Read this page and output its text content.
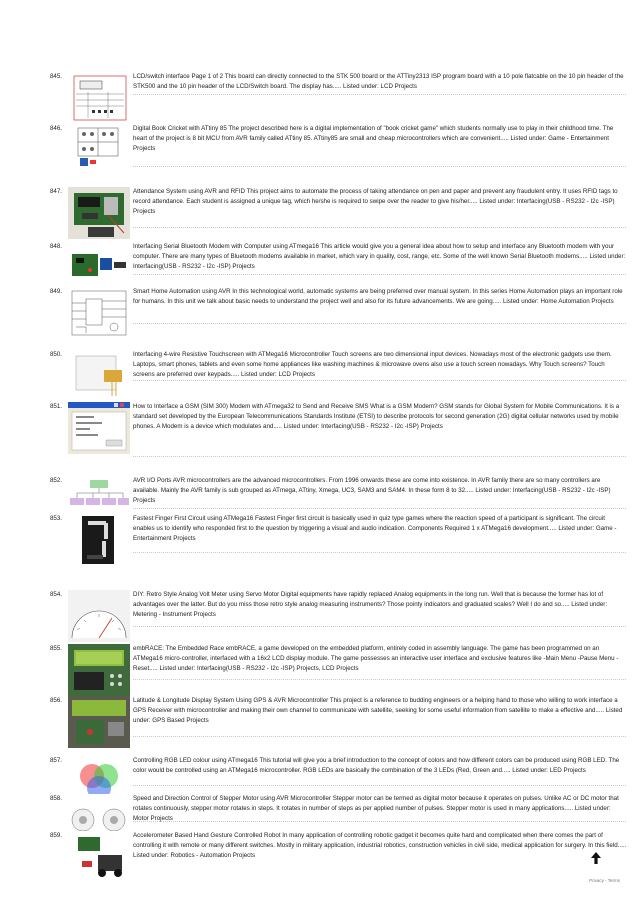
845.	LCD/switch interface Page 1 of 2 This board can directly connected to the STK 500 board or the ATTiny2313 ISP program board with a 10 pole flatcable on the 10 pin header of the STK500 and the 10 pin header of the LCD/Switch board. The display has..... Listed under: LCD Projects
846.	Digital Book Cricket with ATtiny 85 The project described here is a digital implementation of "book cricket game" which students normally use to play in their childhood time. The heart of the project is 8 bit MCU from AVR family called ATtiny 85. ATtiny85 are small and cheap microcontrollers which are convenient..... Listed under: Game - Entertainment Projects
847.	Attendance System using AVR and RFID This project aims to automate the process of taking attendance on pen and paper and prevent any fraudulent entry. It uses RFID tags to record attendance. Each student is assigned a unique tag, which he/she is required to swipe over the reader to give his/her..... Listed under: Interfacing(USB - RS232 - I2c -ISP) Projects
848.	Interfacing Serial Bluetooth Modem with Computer using ATmega16 This article would give you a general idea about how to setup and interface any Bluetooth modem with your computer. There are many types of Bluetooth modems available in market, which vary in quality, cost, range, etc. Some of the well known Serial Bluetooth modems..... Listed under: Interfacing(USB - RS232 - I2c -ISP) Projects
849.	Smart Home Automation using AVR In this technological world, automatic systems are being preferred over manual system. In this series Home Automation plays an important role for humans. In this unit we talk about basic needs to understand the project well and also for its future advancements. We are going..... Listed under: Home Automation Projects
850.	Interfacing 4-wire Resistive Touchscreen with ATMega16 Microcontroller Touch screens are two dimensional input devices. Nowadays most of the electronic gadgets use them. Laptops, smart phones, tablets and even some home appliances like washing machines & microwave ovens also use a touch screen nowadays. Why Touch screens? Touch screens are preferred over keypads..... Listed under: LCD Projects
851.	How to Interface a GSM (SIM 300) Modem with ATmega32 to Send and Receive SMS What is a GSM Modem? GSM stands for Global System for Mobile Communications. It is a standard set developed by the European Telecommunications Standards Institute (ETSI) to describe protocols for second generation (2G) digital cellular networks used by mobile phones. A Modem is a device which modulates and..... Listed under: Interfacing(USB - RS232 - I2c -ISP) Projects
852.	AVR I/O Ports AVR microcontrollers are the advanced microcontrollers. From 1996 onwards these are come into existence. In AVR family there are so many controllers are available. Mainly the AVR family is sub grouped as ATmega, ATtiny, Xmega, UC3, SAM3 and SAM4. In these form 8 to 32..... Listed under: Interfacing(USB - RS232 - I2c -ISP) Projects
853.	Fastest Finger First Circuit using ATMega16 Fastest Finger first circuit is basically used in quiz type games where the reaction speed of a participant is significant. The circuit enables us to identify who responded first to the question by triggering a visual and audio indication. Components Required 1 x ATMega16 development..... Listed under: Game - Entertainment Projects
854.	DIY: Retro Style Analog Volt Meter using Servo Motor Digital equipments have rapidly replaced Analog equipments in the long run. Well that is because the former has lot of advantages over the latter. But do you miss those retro style analog measuring instruments? Those pointy indicators and graduated scales? Well I do and so..... Listed under: Metering - Instrument Projects
855.	embRACE: The Embedded Race embRACE, a game developed on the embedded platform, entirely coded in assembly language. The game has been programmed on an ATMega16 micro-controller, interfaced with a 16x2 LCD display module. The game possesses an interactive user interface and exclusive features like -Main Menu -Pause Menu -Reset..... Listed under: Interfacing(USB - RS232 - I2c -ISP) Projects, LCD Projects
856.	Latitude & Longitude Display System Using GPS & AVR Microcontroller This project is a reference to budding engineers or a helping hand to those who willing to work interface a GPS Receiver with microcontroller and making their own channel to communicate with satellite, seeking for some useful information from satellite to make a effective and..... Listed under: GPS Based Projects
857.	Controlling RGB LED colour using ATmega16 This tutorial will give you a brief introduction to the concept of colors and how different colors can be produced using RGB LED. The color would be controlled using an ATMega16 microcontroller. RGB LEDs are basically the combination of the 3 LEDs (Red, Green and..... Listed under: LED Projects
858.	Speed and Direction Control of Stepper Motor using AVR Microcontroller Stepper motor can be termed as digital motor because it operates on pulses. Unlike AC or DC motor that rotates continuously, stepper motor rotates in steps. It rotates in number of steps as per applied number of pulses. Stepper motor is used in many applications..... Listed under: Motor Projects
859.	Accelerometer Based Hand Gesture Controlled Robot In many application of controlling robotic gadget it becomes quite hard and complicated when there comes the part of controlling it with remote or many different switches. Mostly in military application, industrial robotics, construction vehicles in civil side, medical application for surgery. In this field..... Listed under: Robotics - Automation Projects
Privacy - Terms
